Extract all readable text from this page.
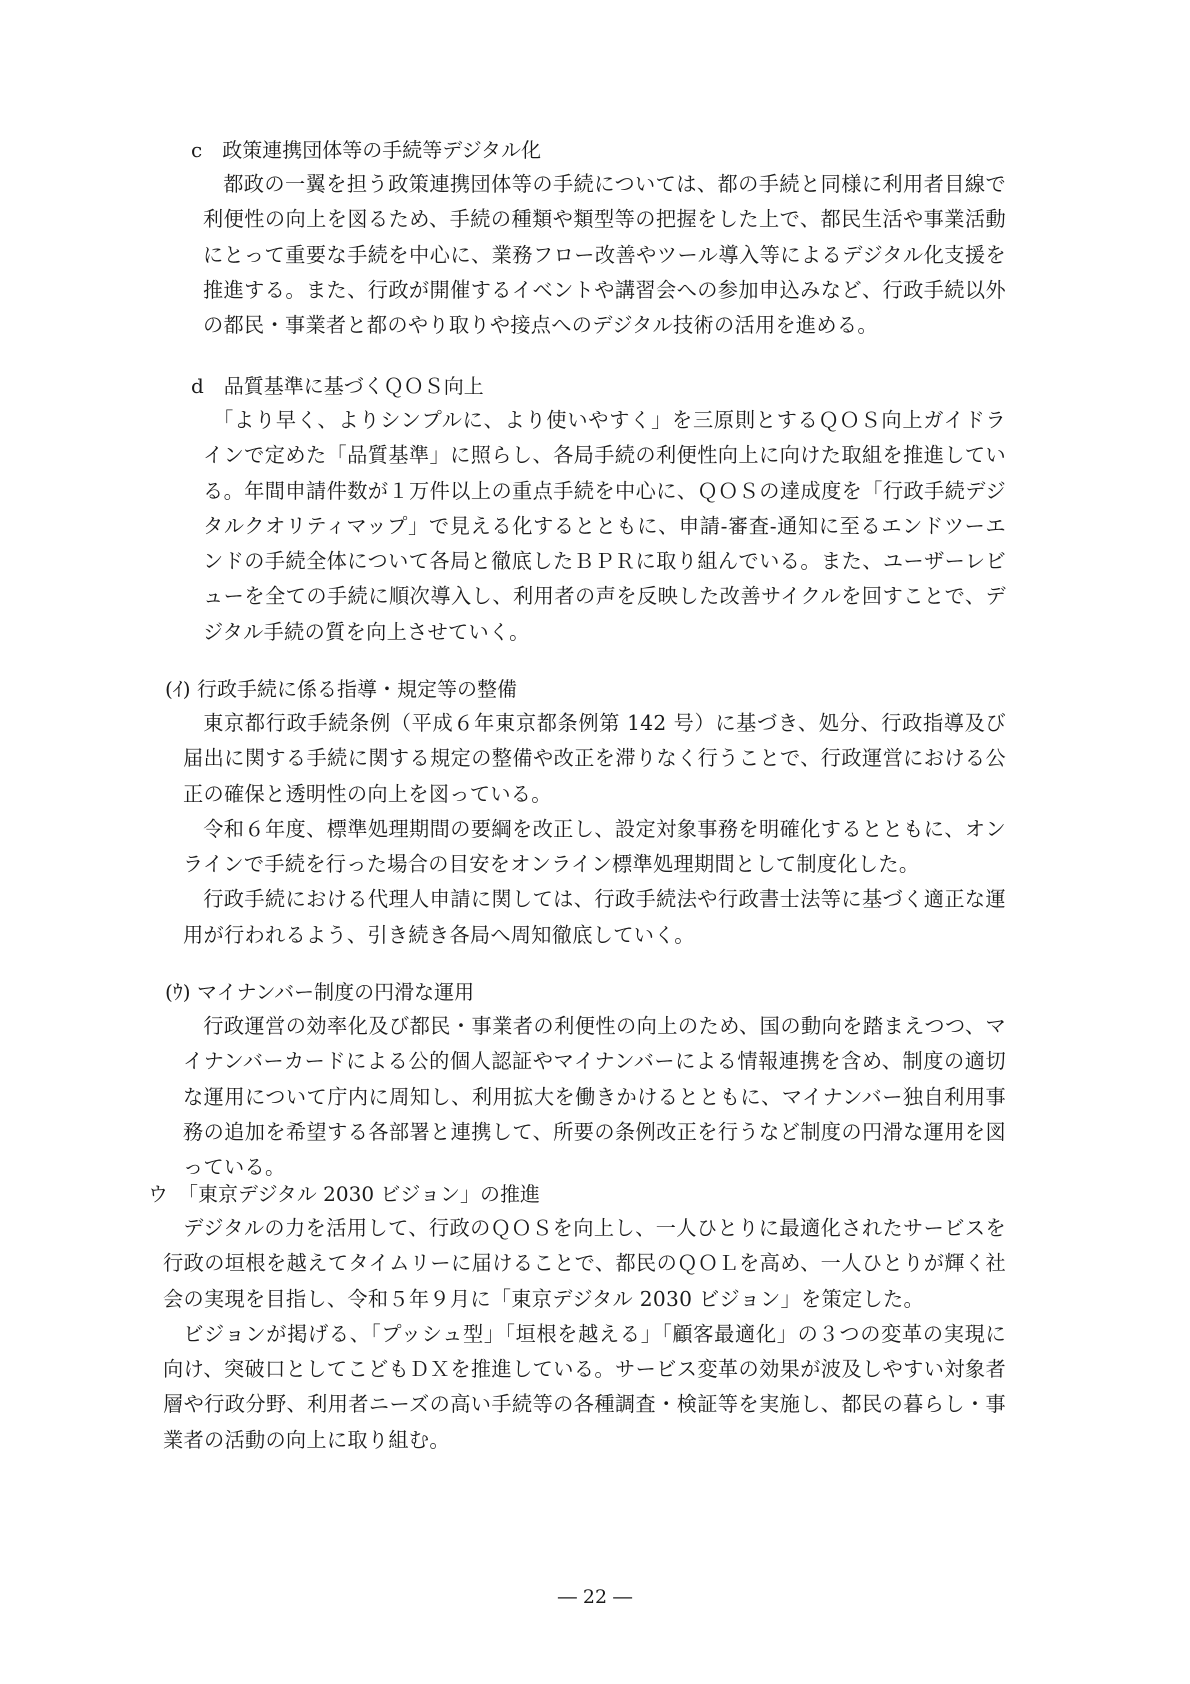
c　政策連携団体等の手続等デジタル化

都政の一翼を担う政策連携団体等の手続については、都の手続と同様に利用者目線で利便性の向上を図るため、手続の種類や類型等の把握をした上で、都民生活や事業活動にとって重要な手続を中心に、業務フロー改善やツール導入等によるデジタル化支援を推進する。また、行政が開催するイベントや講習会への参加申込みなど、行政手続以外の都民・事業者と都のやり取りや接点へのデジタル技術の活用を進める。

d　品質基準に基づくＱＯＳ向上

「より早く、よりシンプルに、より使いやすく」を三原則とするＱＯＳ向上ガイドラインで定めた「品質基準」に照らし、各局手続の利便性向上に向けた取組を推進している。年間申請件数が１万件以上の重点手続を中心に、ＱＯＳの達成度を「行政手続デジタルクオリティマップ」で見える化するとともに、申請-審査-通知に至るエンドツーエンドの手続全体について各局と徹底したＢＰＲに取り組んでいる。また、ユーザーレビューを全ての手続に順次導入し、利用者の声を反映した改善サイクルを回すことで、デジタル手続の質を向上させていく。

(ｲ) 行政手続に係る指導・規定等の整備

東京都行政手続条例（平成６年東京都条例第 142 号）に基づき、処分、行政指導及び届出に関する手続に関する規定の整備や改正を滞りなく行うことで、行政運営における公正の確保と透明性の向上を図っている。

令和６年度、標準処理期間の要綱を改正し、設定対象事務を明確化するとともに、オンラインで手続を行った場合の目安をオンライン標準処理期間として制度化した。

行政手続における代理人申請に関しては、行政手続法や行政書士法等に基づく適正な運用が行われるよう、引き続き各局へ周知徹底していく。

(ｳ) マイナンバー制度の円滑な運用

行政運営の効率化及び都民・事業者の利便性の向上のため、国の動向を踏まえつつ、マイナンバーカードによる公的個人認証やマイナンバーによる情報連携を含め、制度の適切な運用について庁内に周知し、利用拡大を働きかけるとともに、マイナンバー独自利用事務の追加を希望する各部署と連携して、所要の条例改正を行うなど制度の円滑な運用を図っている。

ウ　「東京デジタル 2030 ビジョン」の推進

デジタルの力を活用して、行政のＱＯＳを向上し、一人ひとりに最適化されたサービスを行政の垣根を越えてタイムリーに届けることで、都民のＱＯＬを高め、一人ひとりが輝く社会の実現を目指し、令和５年９月に「東京デジタル 2030 ビジョン」を策定した。

ビジョンが掲げる、「プッシュ型」「垣根を越える」「顧客最適化」の３つの変革の実現に向け、突破口としてこどもＤＸを推進している。サービス変革の効果が波及しやすい対象者層や行政分野、利用者ニーズの高い手続等の各種調査・検証等を実施し、都民の暮らし・事業者の活動の向上に取り組む。

― 22 ―
